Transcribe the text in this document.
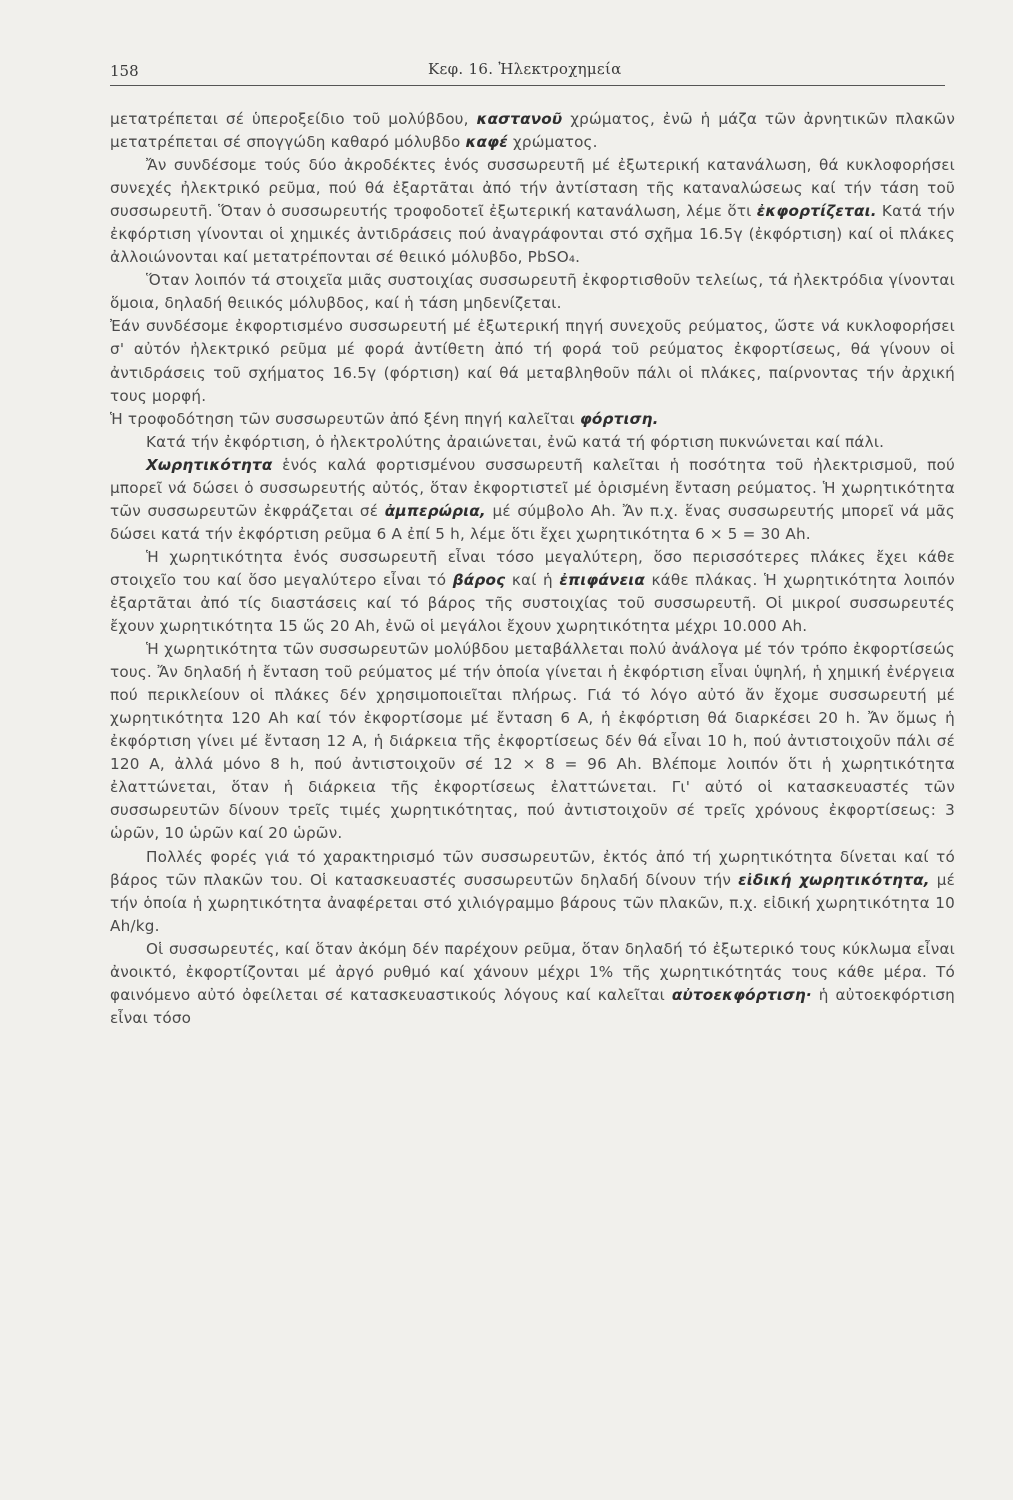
158	Κεφ. 16. Ἠλεκτροχημεία

μετατρέπεται σέ ὑπεροξείδιο τοῦ μολύβδου, καστανοῦ χρώματος, ἐνῶ ἡ μάζα τῶν ἀρνητικῶν πλακῶν μετατρέπεται σέ σπογγώδη καθαρό μόλυβδο καφέ χρώματος.

Ἄν συνδέσομε τούς δύο ἀκροδέκτες ἑνός συσσωρευτῆ μέ ἐξωτερική κατανάλωση, θά κυκλοφορήσει συνεχές ἠλεκτρικό ρεῦμα, πού θά ἐξαρτᾶται ἀπό τήν ἀντίσταση τῆς καταναλώσεως καί τήν τάση τοῦ συσσωρευτῆ. Ὅταν ὁ συσσωρευτής τροφοδοτεῖ ἐξωτερική κατανάλωση, λέμε ὅτι ἐκφορτίζεται. Κατά τήν ἐκφόρτιση γίνονται οἱ χημικές ἀντιδράσεις πού ἀναγράφονται στό σχῆμα 16.5γ (ἐκφόρτιση) καί οἱ πλάκες ἀλλοιώνονται καί μετατρέπονται σέ θειικό μόλυβδο, PbSO₄.

Ὅταν λοιπόν τά στοιχεῖα μιᾶς συστοιχίας συσσωρευτῆ ἐκφορτισθοῦν τελείως, τά ἠλεκτρόδια γίνονται ὅμοια, δηλαδή θειικός μόλυβδος, καί ἡ τάση μηδενίζεται.

Ἐάν συνδέσομε ἐκφορτισμένο συσσωρευτή μέ ἐξωτερική πηγή συνεχοῦς ρεύματος, ὥστε νά κυκλοφορήσει σ' αὐτόν ἠλεκτρικό ρεῦμα μέ φορά ἀντίθετη ἀπό τή φορά τοῦ ρεύματος ἐκφορτίσεως, θά γίνουν οἱ ἀντιδράσεις τοῦ σχήματος 16.5γ (φόρτιση) καί θά μεταβληθοῦν πάλι οἱ πλάκες, παίρνοντας τήν ἀρχική τους μορφή.

Ἡ τροφοδότηση τῶν συσσωρευτῶν ἀπό ξένη πηγή καλεῖται φόρτιση.

Κατά τήν ἐκφόρτιση, ὁ ἠλεκτρολύτης ἀραιώνεται, ἐνῶ κατά τή φόρτιση πυκνώνεται καί πάλι.

Χωρητικότητα ἑνός καλά φορτισμένου συσσωρευτῆ καλεῖται ἡ ποσότητα τοῦ ἠλεκτρισμοῦ, πού μπορεῖ νά δώσει ὁ συσσωρευτής αὐτός, ὅταν ἐκφορτιστεῖ μέ ὁρισμένη ἔνταση ρεύματος. Ἡ χωρητικότητα τῶν συσσωρευτῶν ἐκφράζεται σέ ἀμπερώρια, μέ σύμβολο Ah. Ἄν π.χ. ἕνας συσσωρευτής μπορεῖ νά μᾶς δώσει κατά τήν ἐκφόρτιση ρεῦμα 6 A ἐπί 5 h, λέμε ὅτι ἔχει χωρητικότητα 6 × 5 = 30 Ah.

Ἡ χωρητικότητα ἑνός συσσωρευτῆ εἶναι τόσο μεγαλύτερη, ὅσο περισσότερες πλάκες ἔχει κάθε στοιχεῖο του καί ὅσο μεγαλύτερο εἶναι τό βάρος καί ἡ ἐπιφάνεια κάθε πλάκας. Ἡ χωρητικότητα λοιπόν ἐξαρτᾶται ἀπό τίς διαστάσεις καί τό βάρος τῆς συστοιχίας τοῦ συσσωρευτῆ. Οἱ μικροί συσσωρευτές ἔχουν χωρητικότητα 15 ὥς 20 Ah, ἐνῶ οἱ μεγάλοι ἔχουν χωρητικότητα μέχρι 10.000 Ah.

Ἡ χωρητικότητα τῶν συσσωρευτῶν μολύβδου μεταβάλλεται πολύ ἀνάλογα μέ τόν τρόπο ἐκφορτίσεώς τους. Ἄν δηλαδή ἡ ἔνταση τοῦ ρεύματος μέ τήν ὁποία γίνεται ἡ ἐκφόρτιση εἶναι ὑψηλή, ἡ χημική ἐνέργεια πού περικλείουν οἱ πλάκες δέν χρησιμοποιεῖται πλήρως. Γιά τό λόγο αὐτό ἄν ἔχομε συσσωρευτή μέ χωρητικότητα 120 Ah καί τόν ἐκφορτίσομε μέ ἔνταση 6 A, ἡ ἐκφόρτιση θά διαρκέσει 20 h. Ἄν ὅμως ἡ ἐκφόρτιση γίνει μέ ἔνταση 12 A, ἡ διάρκεια τῆς ἐκφορτίσεως δέν θά εἶναι 10 h, πού ἀντιστοιχοῦν πάλι σέ 120 A, ἀλλά μόνο 8 h, πού ἀντιστοιχοῦν σέ 12 × 8 = 96 Ah. Βλέπομε λοιπόν ὅτι ἡ χωρητικότητα ἐλαττώνεται, ὅταν ἡ διάρκεια τῆς ἐκφορτίσεως ἐλαττώνεται. Γι' αὐτό οἱ κατασκευαστές τῶν συσσωρευτῶν δίνουν τρεῖς τιμές χωρητικότητας, πού ἀντιστοιχοῦν σέ τρεῖς χρόνους ἐκφορτίσεως: 3 ὡρῶν, 10 ὡρῶν καί 20 ὡρῶν.

Πολλές φορές γιά τό χαρακτηρισμό τῶν συσσωρευτῶν, ἐκτός ἀπό τή χωρητικότητα δίνεται καί τό βάρος τῶν πλακῶν του. Οἱ κατασκευαστές συσσωρευτῶν δηλαδή δίνουν τήν εἰδική χωρητικότητα, μέ τήν ὁποία ἡ χωρητικότητα ἀναφέρεται στό χιλιόγραμμο βάρους τῶν πλακῶν, π.χ. εἰδική χωρητικότητα 10 Ah/kg.

Οἱ συσσωρευτές, καί ὅταν ἀκόμη δέν παρέχουν ρεῦμα, ὅταν δηλαδή τό ἐξωτερικό τους κύκλωμα εἶναι ἀνοικτό, ἐκφορτίζονται μέ ἀργό ρυθμό καί χάνουν μέχρι 1% τῆς χωρητικότητάς τους κάθε μέρα. Τό φαινόμενο αὐτό ὀφείλεται σέ κατασκευαστικούς λόγους καί καλεῖται αὐτοεκφόρτιση· ἡ αὐτοεκφόρτιση εἶναι τόσο
